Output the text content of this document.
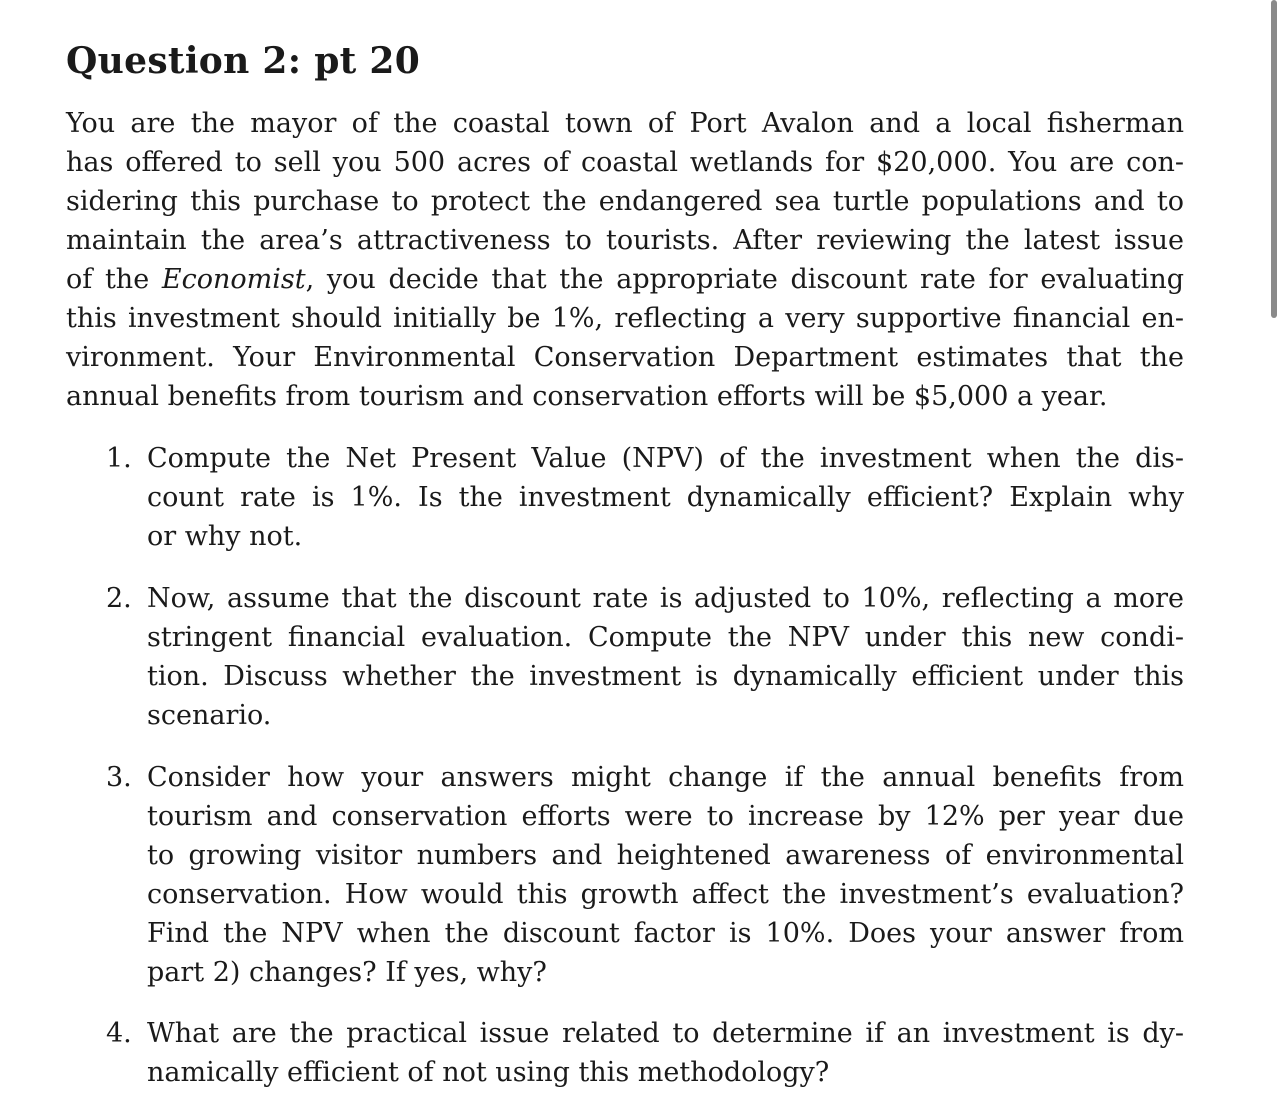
Question 2: pt 20

You are the mayor of the coastal town of Port Avalon and a local fisherman
has offered to sell you 500 acres of coastal wetlands for $20,000. You are con-
sidering this purchase to protect the endangered sea turtle populations and to
maintain the area’s attractiveness to tourists. After reviewing the latest issue
of the Economist, you decide that the appropriate discount rate for evaluating
this investment should initially be 1%, reflecting a very supportive financial en-
vironment. Your Environmental Conservation Department estimates that the
annual benefits from tourism and conservation efforts will be $5,000 a year.

1. Compute the Net Present Value (NPV) of the investment when the dis-
count rate is 1%. Is the investment dynamically efficient? Explain why
or why not.
2. Now, assume that the discount rate is adjusted to 10%, reflecting a more
stringent financial evaluation. Compute the NPV under this new condi-
tion. Discuss whether the investment is dynamically efficient under this
scenario.
3. Consider how your answers might change if the annual benefits from
tourism and conservation efforts were to increase by 12% per year due
to growing visitor numbers and heightened awareness of environmental
conservation. How would this growth affect the investment’s evaluation?
Find the NPV when the discount factor is 10%. Does your answer from
part 2) changes? If yes, why?
4. What are the practical issue related to determine if an investment is dy-
namically efficient of not using this methodology?
